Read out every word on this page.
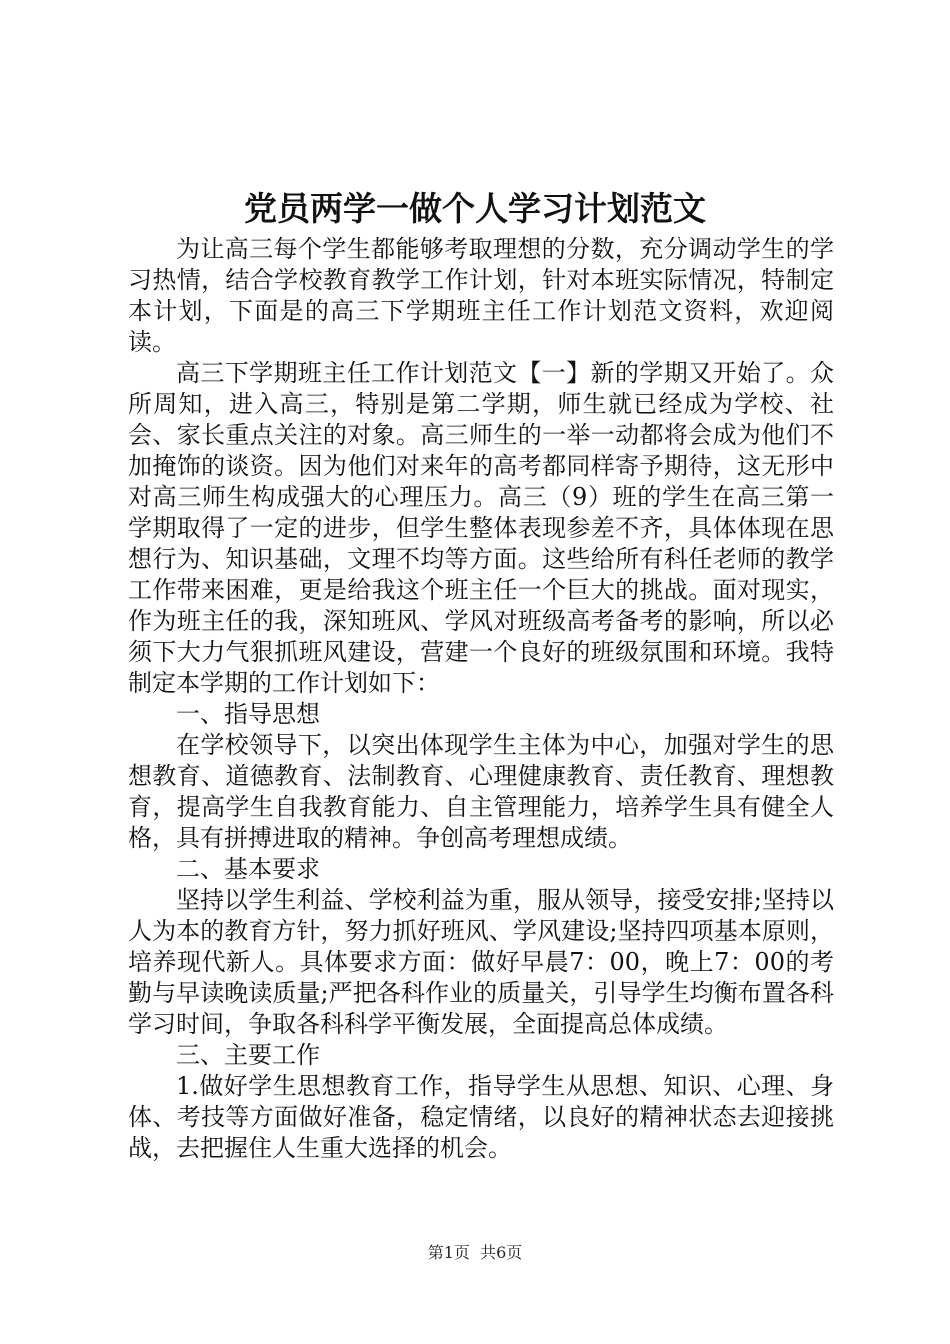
党员两学一做个人学习计划范文

为让高三每个学生都能够考取理想的分数，充分调动学生的学习热情，结合学校教育教学工作计划，针对本班实际情况，特制定本计划，下面是的高三下学期班主任工作计划范文资料，欢迎阅读。

高三下学期班主任工作计划范文【一】新的学期又开始了。众所周知，进入高三，特别是第二学期，师生就已经成为学校、社会、家长重点关注的对象。高三师生的一举一动都将会成为他们不加掩饰的谈资。因为他们对来年的高考都同样寄予期待，这无形中对高三师生构成强大的心理压力。高三（9）班的学生在高三第一学期取得了一定的进步，但学生整体表现参差不齐，具体体现在思想行为、知识基础，文理不均等方面。这些给所有科任老师的教学工作带来困难，更是给我这个班主任一个巨大的挑战。面对现实，作为班主任的我，深知班风、学风对班级高考备考的影响，所以必须下大力气狠抓班风建设，营建一个良好的班级氛围和环境。我特制定本学期的工作计划如下：

一、指导思想

在学校领导下，以突出体现学生主体为中心，加强对学生的思想教育、道德教育、法制教育、心理健康教育、责任教育、理想教育，提高学生自我教育能力、自主管理能力，培养学生具有健全人格，具有拼搏进取的精神。争创高考理想成绩。

二、基本要求

坚持以学生利益、学校利益为重，服从领导，接受安排;坚持以人为本的教育方针，努力抓好班风、学风建设;坚持四项基本原则，培养现代新人。具体要求方面：做好早晨7：00，晚上7：00的考勤与早读晚读质量;严把各科作业的质量关，引导学生均衡布置各科学习时间，争取各科科学平衡发展，全面提高总体成绩。

三、主要工作

1.做好学生思想教育工作，指导学生从思想、知识、心理、身体、考技等方面做好准备，稳定情绪，以良好的精神状态去迎接挑战，去把握住人生重大选择的机会。

第1页  共6页
